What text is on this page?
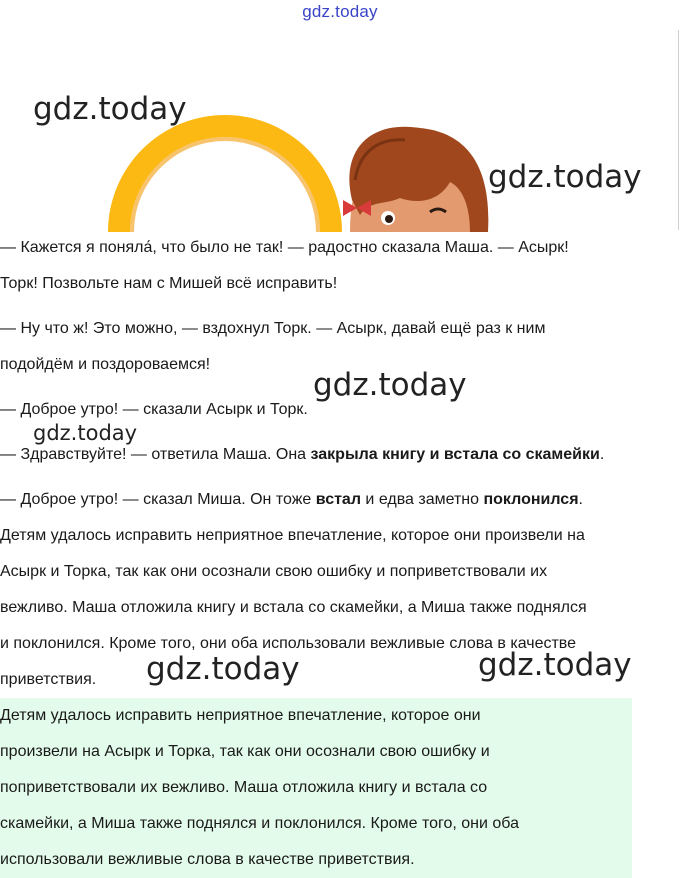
gdz.today
gdz.today
gdz.today
gdz.today
gdz.today
gdz.today	gdz.today
— Кажется я поняла́, что было не так! — радостно сказала Маша. — Асырк!
Торк! Позвольте нам с Мишей всё исправить!
— Ну что ж! Это можно, — вздохнул Торк. — Асырк, давай ещё раз к ним
подойдём и поздороваемся!
— Доброе утро! — сказали Асырк и Торк.
— Здравствуйте! — ответила Маша. Она закрыла книгу и встала со скамейки.
— Доброе утро! — сказал Миша. Он тоже встал и едва заметно поклонился.
Детям удалось исправить неприятное впечатление, которое они произвели на
Асырк и Торка, так как они осознали свою ошибку и поприветствовали их
вежливо. Маша отложила книгу и встала со скамейки, а Миша также поднялся
и поклонился. Кроме того, они оба использовали вежливые слова в качестве
приветствия.
Детям удалось исправить неприятное впечатление, которое они
произвели на Асырк и Торка, так как они осознали свою ошибку и
поприветствовали их вежливо. Маша отложила книгу и встала со
скамейки, а Миша также поднялся и поклонился. Кроме того, они оба
использовали вежливые слова в качестве приветствия.
